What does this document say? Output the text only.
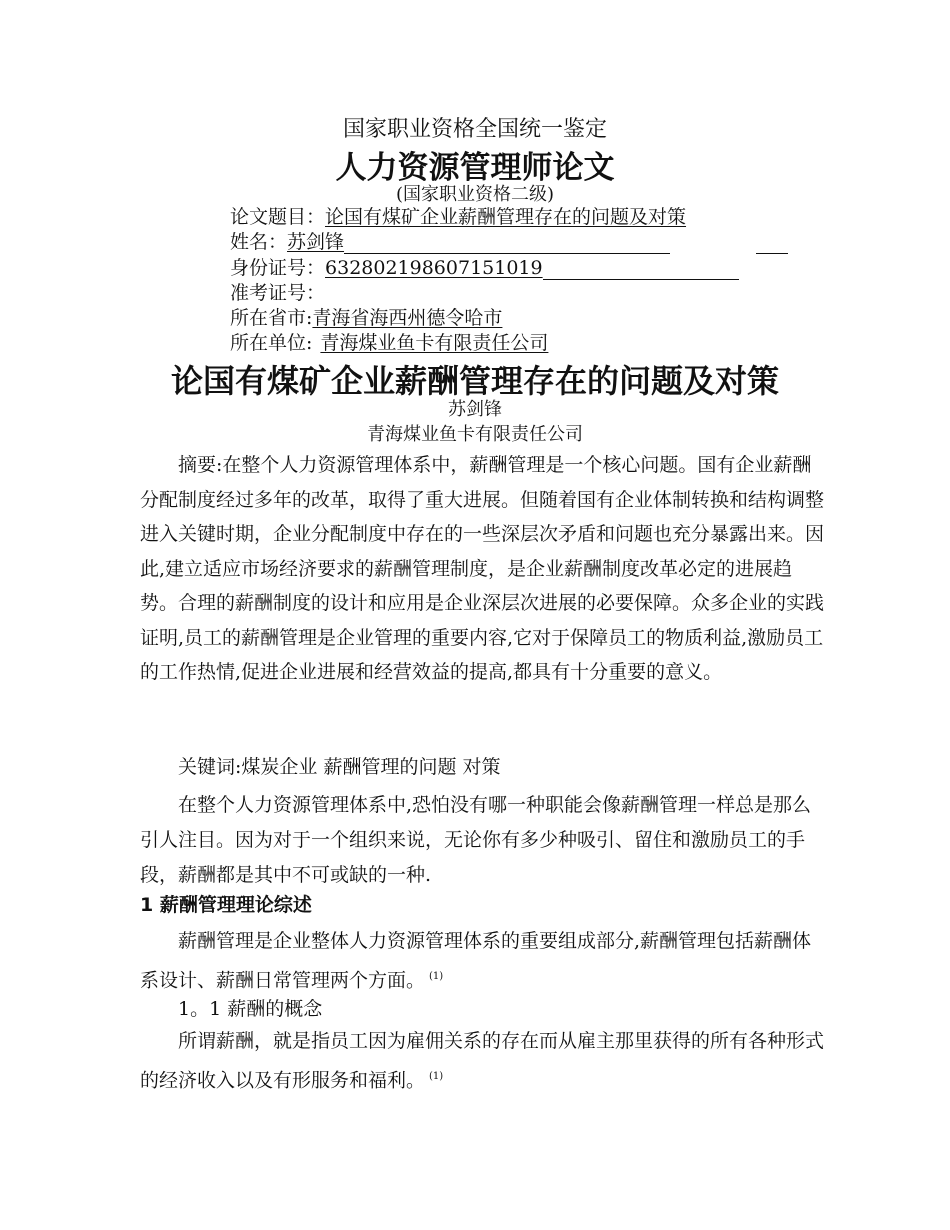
国家职业资格全国统一鉴定
人力资源管理师论文
(国家职业资格二级)
论文题目：论国有煤矿企业薪酬管理存在的问题及对策
姓名：苏剑锋
身份证号：632802198607151019
准考证号：
所在省市:青海省海西州德令哈市
所在单位: 青海煤业鱼卡有限责任公司
论国有煤矿企业薪酬管理存在的问题及对策
苏剑锋
青海煤业鱼卡有限责任公司
摘要:在整个人力资源管理体系中，薪酬管理是一个核心问题。国有企业薪酬分配制度经过多年的改革，取得了重大进展。但随着国有企业体制转换和结构调整进入关键时期，企业分配制度中存在的一些深层次矛盾和问题也充分暴露出来。因此,建立适应市场经济要求的薪酬管理制度，是企业薪酬制度改革必定的进展趋势。合理的薪酬制度的设计和应用是企业深层次进展的必要保障。众多企业的实践证明,员工的薪酬管理是企业管理的重要内容,它对于保障员工的物质利益,激励员工的工作热情,促进企业进展和经营效益的提高,都具有十分重要的意义。
关键词:煤炭企业 薪酬管理的问题 对策
在整个人力资源管理体系中,恐怕没有哪一种职能会像薪酬管理一样总是那么引人注目。因为对于一个组织来说，无论你有多少种吸引、留住和激励员工的手段，薪酬都是其中不可或缺的一种.
1 薪酬管理理论综述
薪酬管理是企业整体人力资源管理体系的重要组成部分,薪酬管理包括薪酬体系设计、薪酬日常管理两个方面。 $^{(1)}$
1。1 薪酬的概念
所谓薪酬，就是指员工因为雇佣关系的存在而从雇主那里获得的所有各种形式的经济收入以及有形服务和福利。 $^{(1)}$
